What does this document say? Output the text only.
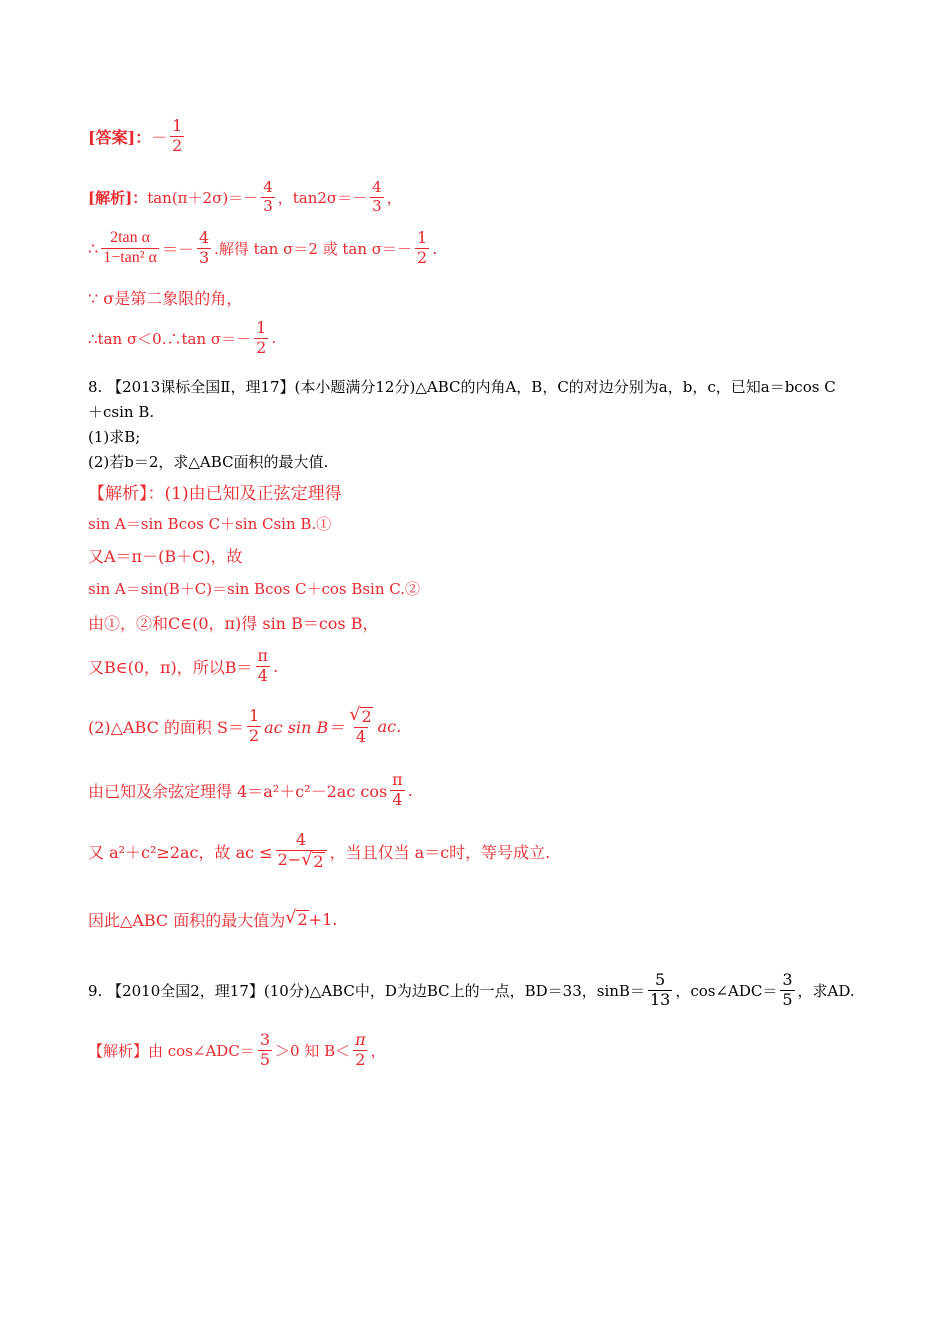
[答案]： － $\frac{1}{2}$
[解析]： $\tan(\pi+2\sigma)=- \frac{4}{3}$ ，$\tan 2\sigma=- \frac{4}{3}$ ，
∴ $\frac{\text{2tan α}}{\text{1−tan² α}} =- \frac{4}{3}$ .解得 tan σ＝2 或 $\tan \sigma=- \frac{1}{2}$ .
∵ σ是第二象限的角，
∴tan σ＜0.∴tan $\sigma=- \frac{1}{2}$ .
8. 【2013课标全国Ⅱ，理17】(本小题满分12分)△ABC的内角A，B，C的对边分别为a，b，c，已知a＝bcos C
＋csin B.
(1)求B;
(2)若b＝2，求△ABC面积的最大值.
【解析】：(1)由已知及正弦定理得
sin A＝sin Bcos C＋sin Csin B.①
又A＝π－(B＋C)，故
sin A＝sin(B＋C)＝sin Bcos C＋cos Bsin C.②
由①，②和C∈(0，π)得 sin B＝cos B，
又B∈(0，π)，所以$B= \frac{\pi}{4}$ .
(2)△ABC 的面积 $S= \frac{1}{2}$ ac $\sin B= \frac{√ 2}{4}$ ac.
由已知及余弦定理得 4＝a²＋c²－2ac $\cos \frac{\pi}{4}$ .
又 a²＋c²≥2ac，故 ac ≤ $\frac{4}{2- √ 2}$ ，当且仅当 a＝c时，等号成立.
因此△ABC 面积的最大值为 √ 2 +1.
9. 【2010全国2，理17】(10分)△ABC中，D为边BC上的一点，BD＝33，$\sin B= \frac{5}{13}$ ，cos∠ADC＝ $\frac{3}{5}$ ，求AD.
【解析】由 cos∠ADC＝ $\frac{3}{5} >0$ 知 $B< \frac{\pi}{2}$ ，
